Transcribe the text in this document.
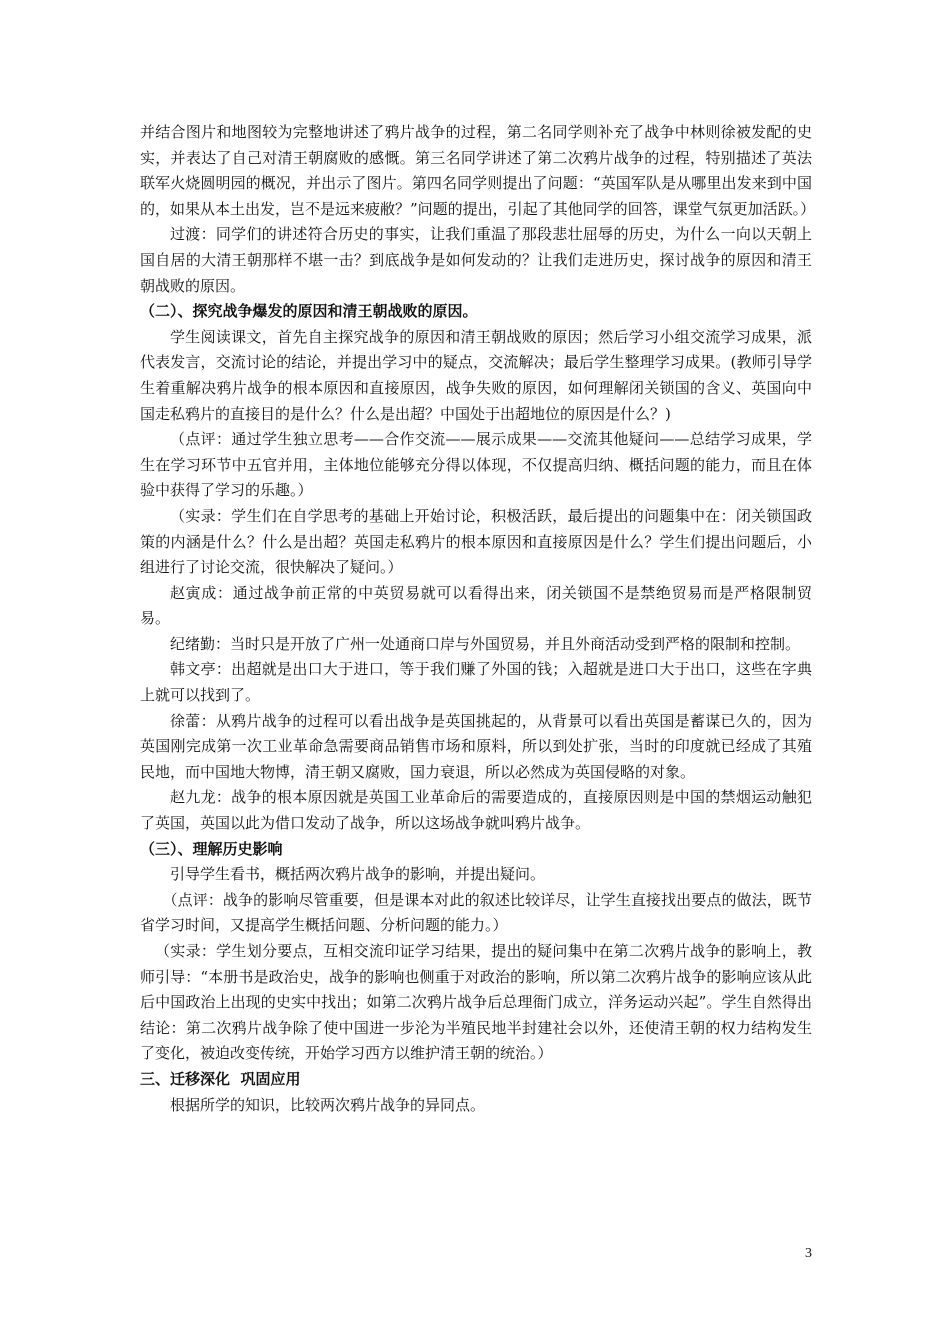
并结合图片和地图较为完整地讲述了鸦片战争的过程，第二名同学则补充了战争中林则徐被发配的史实，并表达了自己对清王朝腐败的感慨。第三名同学讲述了第二次鸦片战争的过程，特别描述了英法联军火烧圆明园的概况，并出示了图片。第四名同学则提出了问题：“英国军队是从哪里出发来到中国的，如果从本土出发，岂不是远来疲敝？”问题的提出，引起了其他同学的回答，课堂气氛更加活跃。）

过渡：同学们的讲述符合历史的事实，让我们重温了那段悲壮屈辱的历史，为什么一向以天朝上国自居的大清王朝那样不堪一击？到底战争是如何发动的？让我们走进历史，探讨战争的原因和清王朝战败的原因。

（二）、探究战争爆发的原因和清王朝战败的原因。

学生阅读课文，首先自主探究战争的原因和清王朝战败的原因；然后学习小组交流学习成果，派代表发言，交流讨论的结论，并提出学习中的疑点，交流解决；最后学生整理学习成果。(教师引导学生着重解决鸦片战争的根本原因和直接原因，战争失败的原因，如何理解闭关锁国的含义、英国向中国走私鸦片的直接目的是什么？什么是出超？中国处于出超地位的原因是什么？)

（点评：通过学生独立思考——合作交流——展示成果——交流其他疑问——总结学习成果，学生在学习环节中五官并用，主体地位能够充分得以体现，不仅提高归纳、概括问题的能力，而且在体验中获得了学习的乐趣。）

（实录：学生们在自学思考的基础上开始讨论，积极活跃，最后提出的问题集中在：闭关锁国政策的内涵是什么？什么是出超？英国走私鸦片的根本原因和直接原因是什么？学生们提出问题后，小组进行了讨论交流，很快解决了疑问。）

赵寅成：通过战争前正常的中英贸易就可以看得出来，闭关锁国不是禁绝贸易而是严格限制贸易。

纪绪勤：当时只是开放了广州一处通商口岸与外国贸易，并且外商活动受到严格的限制和控制。

韩文亭：出超就是出口大于进口，等于我们赚了外国的钱；入超就是进口大于出口，这些在字典上就可以找到了。

徐蕾：从鸦片战争的过程可以看出战争是英国挑起的，从背景可以看出英国是蓄谋已久的，因为英国刚完成第一次工业革命急需要商品销售市场和原料，所以到处扩张，当时的印度就已经成了其殖民地，而中国地大物博，清王朝又腐败，国力衰退，所以必然成为英国侵略的对象。

赵九龙：战争的根本原因就是英国工业革命后的需要造成的，直接原因则是中国的禁烟运动触犯了英国，英国以此为借口发动了战争，所以这场战争就叫鸦片战争。

（三）、理解历史影响

引导学生看书，概括两次鸦片战争的影响，并提出疑问。

（点评：战争的影响尽管重要，但是课本对此的叙述比较详尽，让学生直接找出要点的做法，既节省学习时间，又提高学生概括问题、分析问题的能力。）

（实录：学生划分要点，互相交流印证学习结果，提出的疑问集中在第二次鸦片战争的影响上，教师引导：“本册书是政治史，战争的影响也侧重于对政治的影响，所以第二次鸦片战争的影响应该从此后中国政治上出现的史实中找出；如第二次鸦片战争后总理衙门成立，洋务运动兴起”。学生自然得出结论：第二次鸦片战争除了使中国进一步沦为半殖民地半封建社会以外，还使清王朝的权力结构发生了变化，被迫改变传统，开始学习西方以维护清王朝的统治。）

三、迁移深化  巩固应用

根据所学的知识，比较两次鸦片战争的异同点。

3
